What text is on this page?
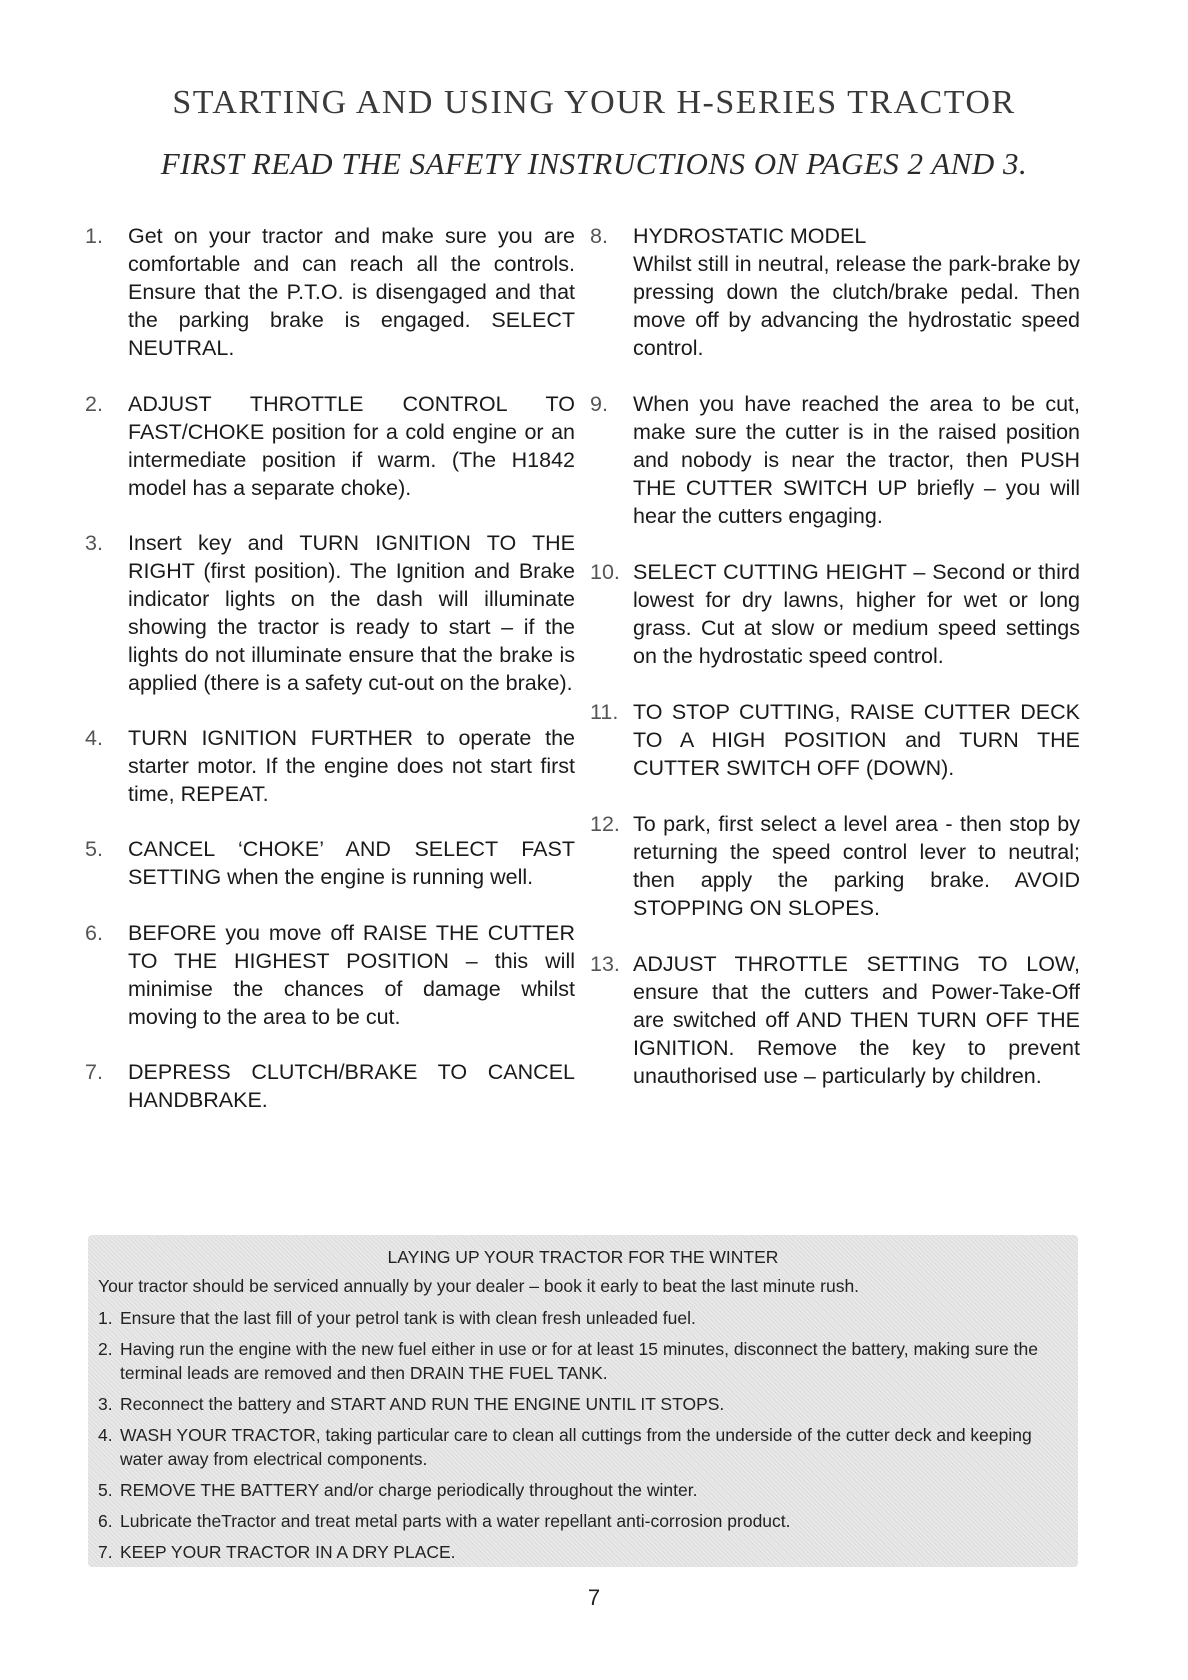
STARTING AND USING YOUR H-SERIES TRACTOR
FIRST READ THE SAFETY INSTRUCTIONS ON PAGES 2 AND 3.
1. Get on your tractor and make sure you are comfortable and can reach all the controls. Ensure that the P.T.O. is disengaged and that the parking brake is engaged. SELECT NEUTRAL.
2. ADJUST THROTTLE CONTROL TO FAST/CHOKE position for a cold engine or an intermediate position if warm. (The H1842 model has a separate choke).
3. Insert key and TURN IGNITION TO THE RIGHT (first position). The Ignition and Brake indicator lights on the dash will illuminate showing the tractor is ready to start – if the lights do not illuminate ensure that the brake is applied (there is a safety cut-out on the brake).
4. TURN IGNITION FURTHER to operate the starter motor. If the engine does not start first time, REPEAT.
5. CANCEL ‘CHOKE’ AND SELECT FAST SETTING when the engine is running well.
6. BEFORE you move off RAISE THE CUTTER TO THE HIGHEST POSITION – this will minimise the chances of damage whilst moving to the area to be cut.
7. DEPRESS CLUTCH/BRAKE TO CANCEL HANDBRAKE.
8. HYDROSTATIC MODEL
Whilst still in neutral, release the park-brake by pressing down the clutch/brake pedal. Then move off by advancing the hydrostatic speed control.
9. When you have reached the area to be cut, make sure the cutter is in the raised position and nobody is near the tractor, then PUSH THE CUTTER SWITCH UP briefly – you will hear the cutters engaging.
10. SELECT CUTTING HEIGHT – Second or third lowest for dry lawns, higher for wet or long grass. Cut at slow or medium speed settings on the hydrostatic speed control.
11. TO STOP CUTTING, RAISE CUTTER DECK TO A HIGH POSITION and TURN THE CUTTER SWITCH OFF (DOWN).
12. To park, first select a level area - then stop by returning the speed control lever to neutral; then apply the parking brake. AVOID STOPPING ON SLOPES.
13. ADJUST THROTTLE SETTING TO LOW, ensure that the cutters and Power-Take-Off are switched off AND THEN TURN OFF THE IGNITION. Remove the key to prevent unauthorised use – particularly by children.
LAYING UP YOUR TRACTOR FOR THE WINTER
Your tractor should be serviced annually by your dealer – book it early to beat the last minute rush.
1. Ensure that the last fill of your petrol tank is with clean fresh unleaded fuel.
2. Having run the engine with the new fuel either in use or for at least 15 minutes, disconnect the battery, making sure the terminal leads are removed and then DRAIN THE FUEL TANK.
3. Reconnect the battery and START AND RUN THE ENGINE UNTIL IT STOPS.
4. WASH YOUR TRACTOR, taking particular care to clean all cuttings from the underside of the cutter deck and keeping water away from electrical components.
5. REMOVE THE BATTERY and/or charge periodically throughout the winter.
6. Lubricate theTractor and treat metal parts with a water repellant anti-corrosion product.
7. KEEP YOUR TRACTOR IN A DRY PLACE.
7
